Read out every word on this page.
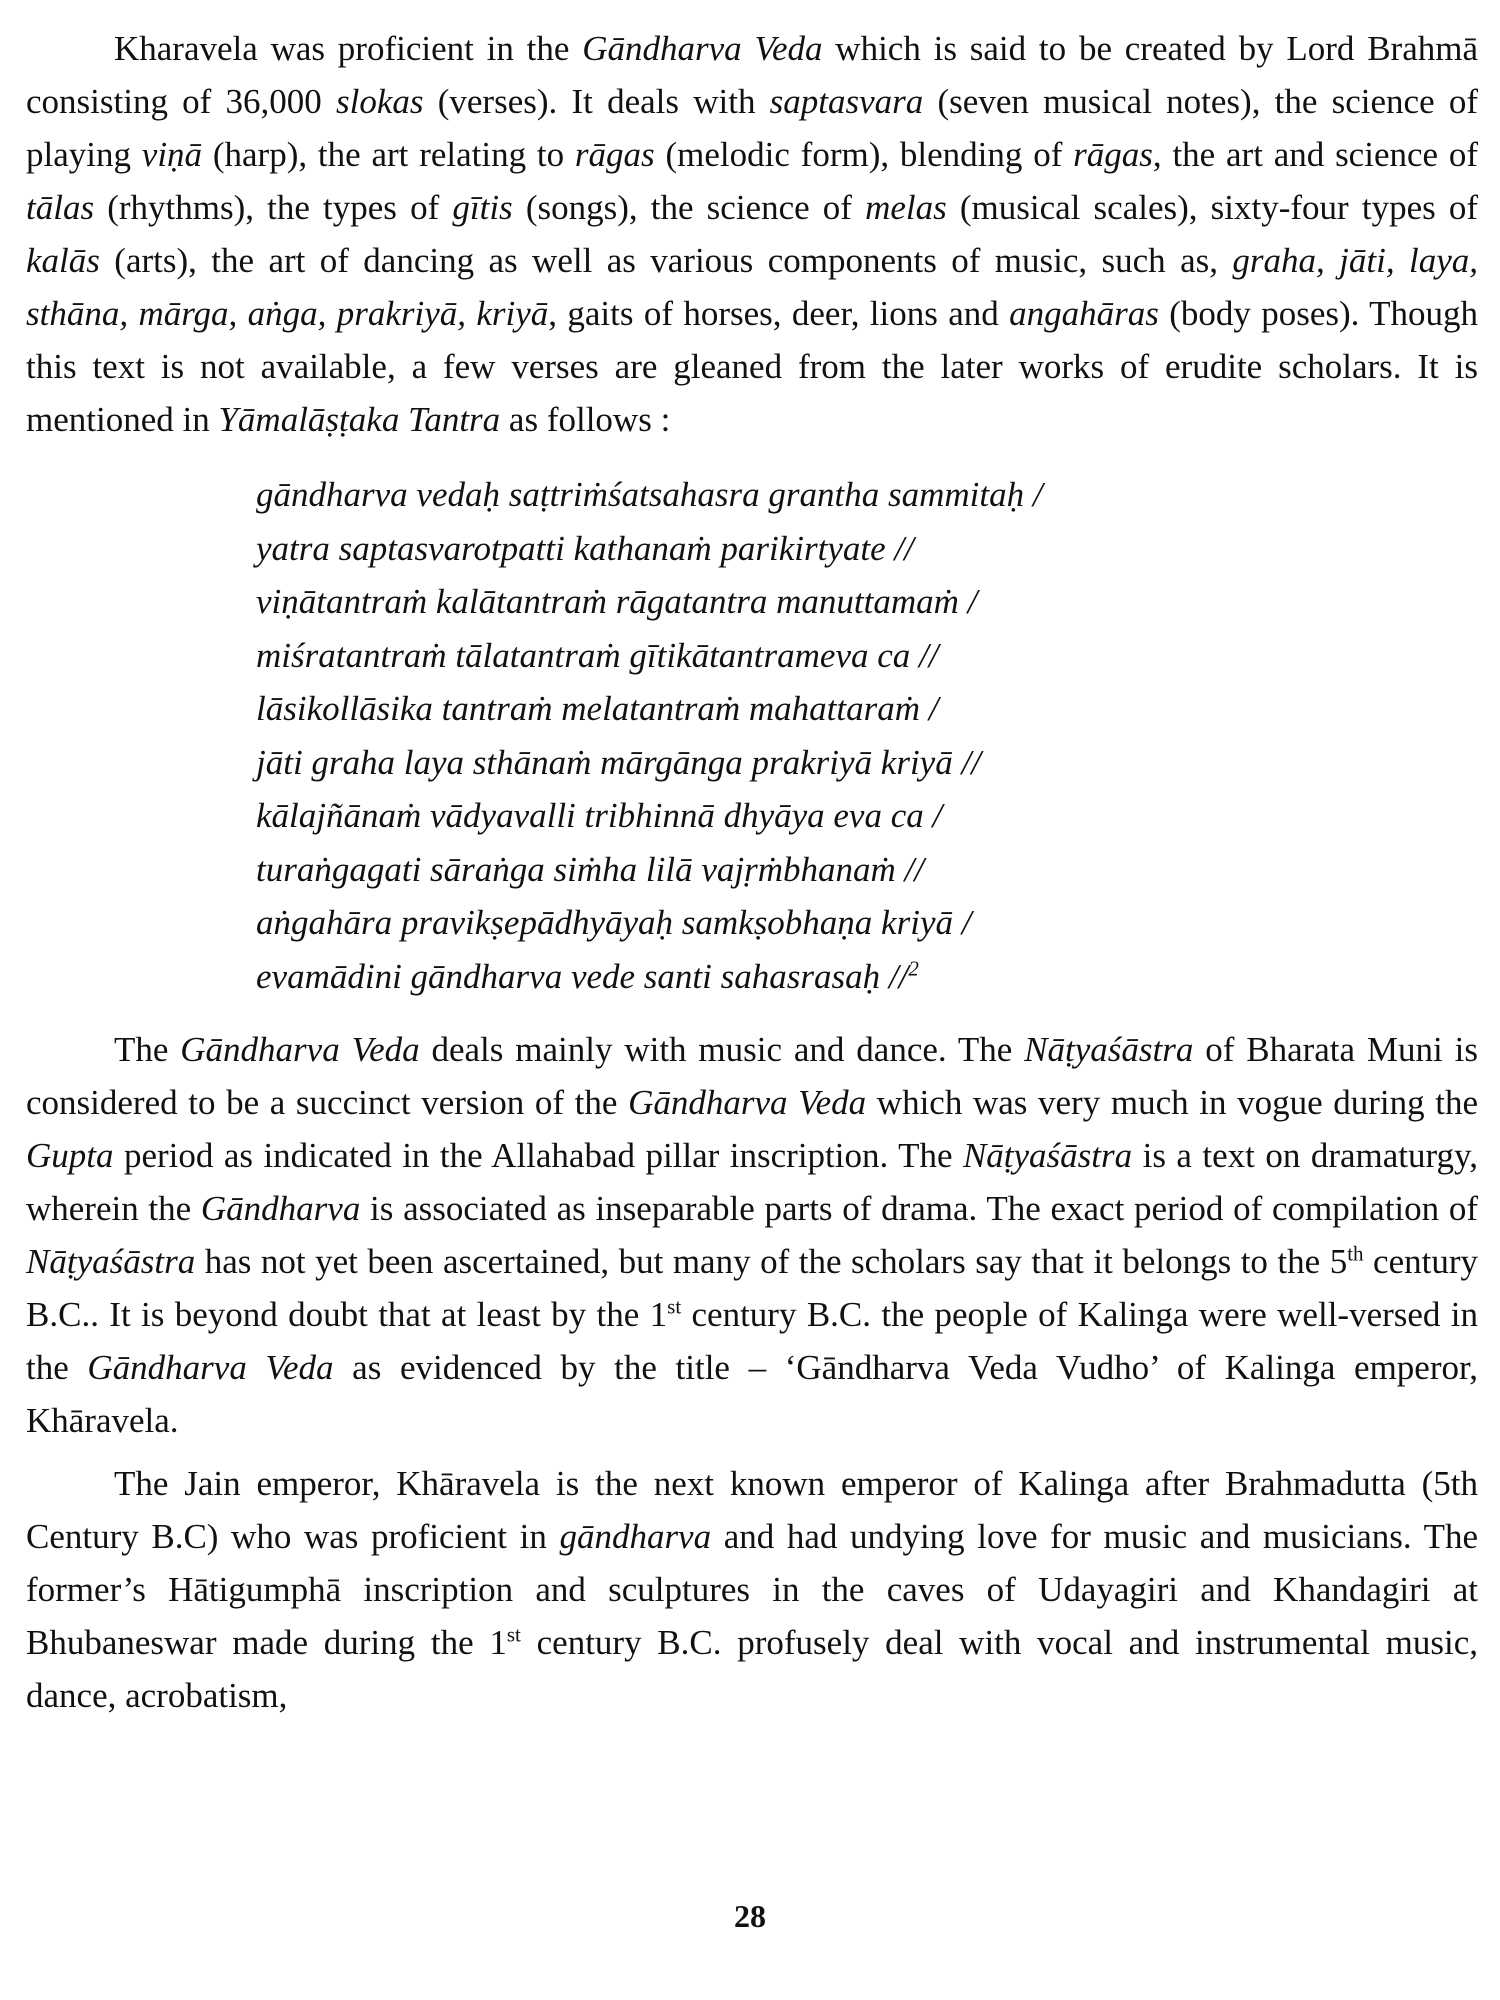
Kharavela was proficient in the Gāndharva Veda which is said to be created by Lord Brahmā consisting of 36,000 slokas (verses). It deals with saptasvara (seven musical notes), the science of playing viṇā (harp), the art relating to rāgas (melodic form), blending of rāgas, the art and science of tālas (rhythms), the types of gītis (songs), the science of melas (musical scales), sixty-four types of kalās (arts), the art of dancing as well as various components of music, such as, graha, jāti, laya, sthāna, mārga, aṅga, prakriyā, kriyā, gaits of horses, deer, lions and angahāras (body poses). Though this text is not available, a few verses are gleaned from the later works of erudite scholars. It is mentioned in Yāmalāṣṭaka Tantra as follows :

gāndharva vedaḥ saṭtriṁśatsahasra grantha sammitaḥ /
yatra saptasvarotpatti kathanaṁ parikirtyate //
viṇātantraṁ kalātantraṁ rāgatantra manuttamaṁ /
miśratantraṁ tālatantraṁ gītikātantrameva ca //
lāsikollāsika tantraṁ melatantraṁ mahattaraṁ /
jāti graha laya sthānaṁ mārgānga prakriyā kriyā //
kālajñānaṁ vādyavalli tribhinnā dhyāya eva ca /
turaṅgagati sāraṅga siṁha lilā vajṛṁbhanaṁ //
aṅgahāra pravikṣepādhyāyaḥ samkṣobhaṇa kriyā /
evamādini gāndharva vede santi sahasrasaḥ //$^2$

The Gāndharva Veda deals mainly with music and dance. The Nāṭyaśāstra of Bharata Muni is considered to be a succinct version of the Gāndharva Veda which was very much in vogue during the Gupta period as indicated in the Allahabad pillar inscription. The Nāṭyaśāstra is a text on dramaturgy, wherein the Gāndharva is associated as inseparable parts of drama. The exact period of compilation of Nāṭyaśāstra has not yet been ascertained, but many of the scholars say that it belongs to the 5th century B.C.. It is beyond doubt that at least by the 1st century B.C. the people of Kalinga were well-versed in the Gāndharva Veda as evidenced by the title – ‘Gāndharva Veda Vudho’ of Kalinga emperor, Khāravela.

The Jain emperor, Khāravela is the next known emperor of Kalinga after Brahmadutta (5th Century B.C) who was proficient in gāndharva and had undying love for music and musicians. The former’s Hātigumphā inscription and sculptures in the caves of Udayagiri and Khandagiri at Bhubaneswar made during the 1st century B.C. profusely deal with vocal and instrumental music, dance, acrobatism,

28
